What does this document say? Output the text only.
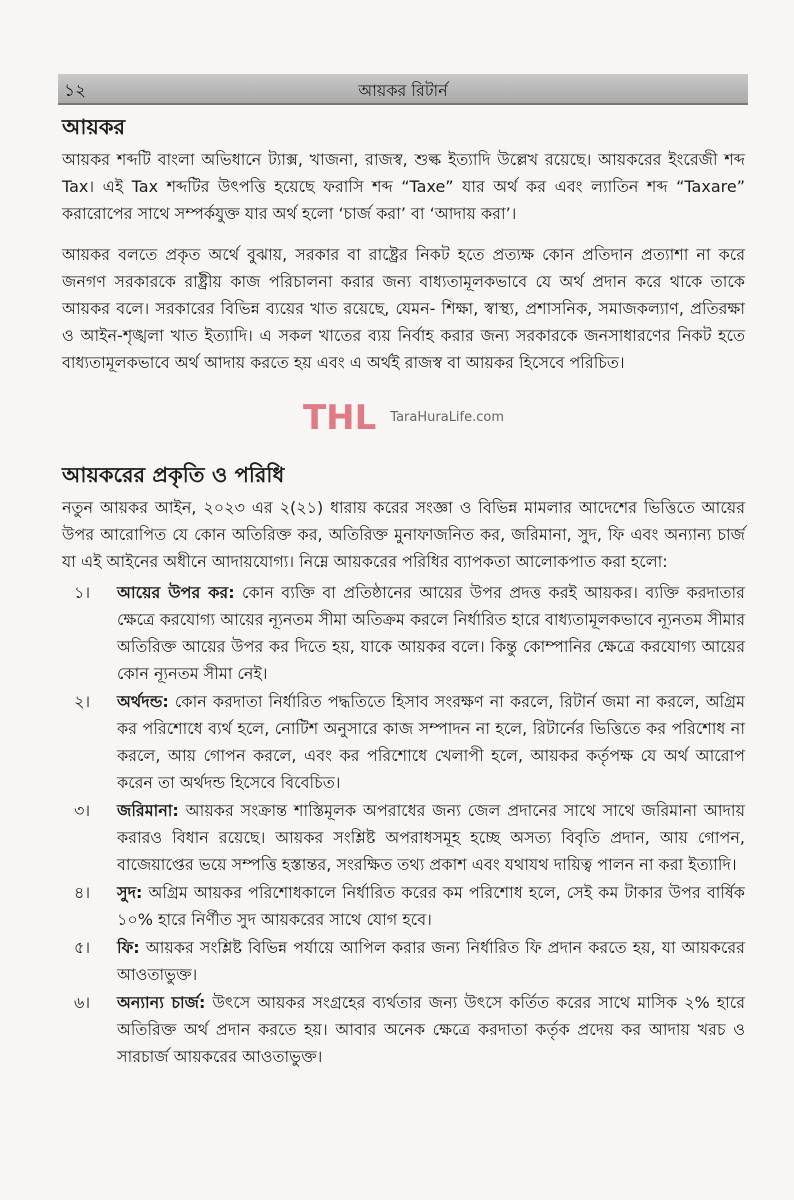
১২	আয়কর রিটার্ন
আয়কর

আয়কর শব্দটি বাংলা অভিধানে ট্যাক্স, খাজনা, রাজস্ব, শুল্ক ইত্যাদি উল্লেখ রয়েছে। আয়করের ইংরেজী শব্দ Tax। এই Tax শব্দটির উৎপত্তি হয়েছে ফরাসি শব্দ “Taxe” যার অর্থ কর এবং ল্যাতিন শব্দ “Taxare” করারোপের সাথে সম্পর্কযুক্ত যার অর্থ হলো ‘চার্জ করা’ বা ‘আদায় করা’।

আয়কর বলতে প্রকৃত অর্থে বুঝায়, সরকার বা রাষ্ট্রের নিকট হতে প্রত্যক্ষ কোন প্রতিদান প্রত্যাশা না করে জনগণ সরকারকে রাষ্ট্রীয় কাজ পরিচালনা করার জন্য বাধ্যতামূলকভাবে যে অর্থ প্রদান করে থাকে তাকে আয়কর বলে। সরকারের বিভিন্ন ব্যয়ের খাত রয়েছে, যেমন- শিক্ষা, স্বাস্থ্য, প্রশাসনিক, সমাজকল্যাণ, প্রতিরক্ষা ও আইন-শৃঙ্খলা খাত ইত্যাদি। এ সকল খাতের ব্যয় নির্বাহ করার জন্য সরকারকে জনসাধারণের নিকট হতে বাধ্যতামূলকভাবে অর্থ আদায় করতে হয় এবং এ অর্থই রাজস্ব বা আয়কর হিসেবে পরিচিত।

THL TaraHuraLife.com
আয়করের প্রকৃতি ও পরিধি

নতুন আয়কর আইন, ২০২৩ এর ২(২১) ধারায় করের সংজ্ঞা ও বিভিন্ন মামলার আদেশের ভিত্তিতে আয়ের উপর আরোপিত যে কোন অতিরিক্ত কর, অতিরিক্ত মুনাফাজনিত কর, জরিমানা, সুদ, ফি এবং অন্যান্য চার্জ যা এই আইনের অধীনে আদায়যোগ্য। নিম্নে আয়করের পরিধির ব্যাপকতা আলোকপাত করা হলো:

১। আয়ের উপর কর: কোন ব্যক্তি বা প্রতিষ্ঠানের আয়ের উপর প্রদত্ত করই আয়কর। ব্যক্তি করদাতার ক্ষেত্রে করযোগ্য আয়ের ন্যূনতম সীমা অতিক্রম করলে নির্ধারিত হারে বাধ্যতামূলকভাবে ন্যূনতম সীমার অতিরিক্ত আয়ের উপর কর দিতে হয়, যাকে আয়কর বলে। কিন্তু কোম্পানির ক্ষেত্রে করযোগ্য আয়ের কোন ন্যূনতম সীমা নেই।
২। অর্থদন্ড: কোন করদাতা নির্ধারিত পদ্ধতিতে হিসাব সংরক্ষণ না করলে, রিটার্ন জমা না করলে, অগ্রিম কর পরিশোধে ব্যর্থ হলে, নোটিশ অনুসারে কাজ সম্পাদন না হলে, রিটার্নের ভিত্তিতে কর পরিশোধ না করলে, আয় গোপন করলে, এবং কর পরিশোধে খেলাপী হলে, আয়কর কর্তৃপক্ষ যে অর্থ আরোপ করেন তা অর্থদন্ড হিসেবে বিবেচিত।
৩। জরিমানা: আয়কর সংক্রান্ত শাস্তিমূলক অপরাধের জন্য জেল প্রদানের সাথে সাথে জরিমানা আদায় করারও বিধান রয়েছে। আয়কর সংশ্লিষ্ট অপরাধসমূহ হচ্ছে অসত্য বিবৃতি প্রদান, আয় গোপন, বাজেয়াপ্তের ভয়ে সম্পত্তি হস্তান্তর, সংরক্ষিত তথ্য প্রকাশ এবং যথাযথ দায়িত্ব পালন না করা ইত্যাদি।
৪। সুদ: অগ্রিম আয়কর পরিশোধকালে নির্ধারিত করের কম পরিশোধ হলে, সেই কম টাকার উপর বার্ষিক ১০% হারে নির্ণীত সুদ আয়করের সাথে যোগ হবে।
৫। ফি: আয়কর সংশ্লিষ্ট বিভিন্ন পর্যায়ে আপিল করার জন্য নির্ধারিত ফি প্রদান করতে হয়, যা আয়করের আওতাভুক্ত।
৬। অন্যান্য চার্জ: উৎসে আয়কর সংগ্রহের ব্যর্থতার জন্য উৎসে কর্তিত করের সাথে মাসিক ২% হারে অতিরিক্ত অর্থ প্রদান করতে হয়। আবার অনেক ক্ষেত্রে করদাতা কর্তৃক প্রদেয় কর আদায় খরচ ও সারচার্জ আয়করের আওতাভুক্ত।
